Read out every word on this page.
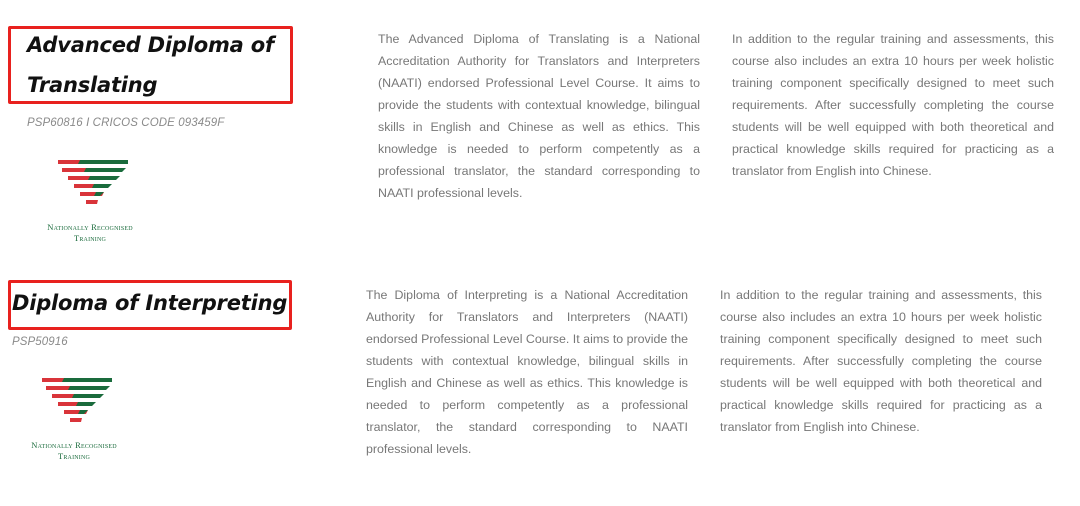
Advanced Diploma of
Translating

PSP60816 I CRICOS CODE 093459F

Nationally Recognised
Training

The Advanced Diploma of Translating is a National Accreditation Authority for Translators and Interpreters (NAATI) endorsed Professional Level Course. It aims to provide the students with contextual knowledge, bilingual skills in English and Chinese as well as ethics. This knowledge is needed to perform competently as a professional translator, the standard corresponding to NAATI professional levels.

In addition to the regular training and assessments, this course also includes an extra 10 hours per week holistic training component specifically designed to meet such requirements. After successfully completing the course students will be well equipped with both theoretical and practical knowledge skills required for practicing as a translator from English into Chinese.

Diploma of Interpreting

PSP50916

Nationally Recognised
Training

The Diploma of Interpreting is a National Accreditation Authority for Translators and Interpreters (NAATI) endorsed Professional Level Course. It aims to provide the students with contextual knowledge, bilingual skills in English and Chinese as well as ethics. This knowledge is needed to perform competently as a professional translator, the standard corresponding to NAATI professional levels.

In addition to the regular training and assessments, this course also includes an extra 10 hours per week holistic training component specifically designed to meet such requirements. After successfully completing the course students will be well equipped with both theoretical and practical knowledge skills required for practicing as a translator from English into Chinese.
